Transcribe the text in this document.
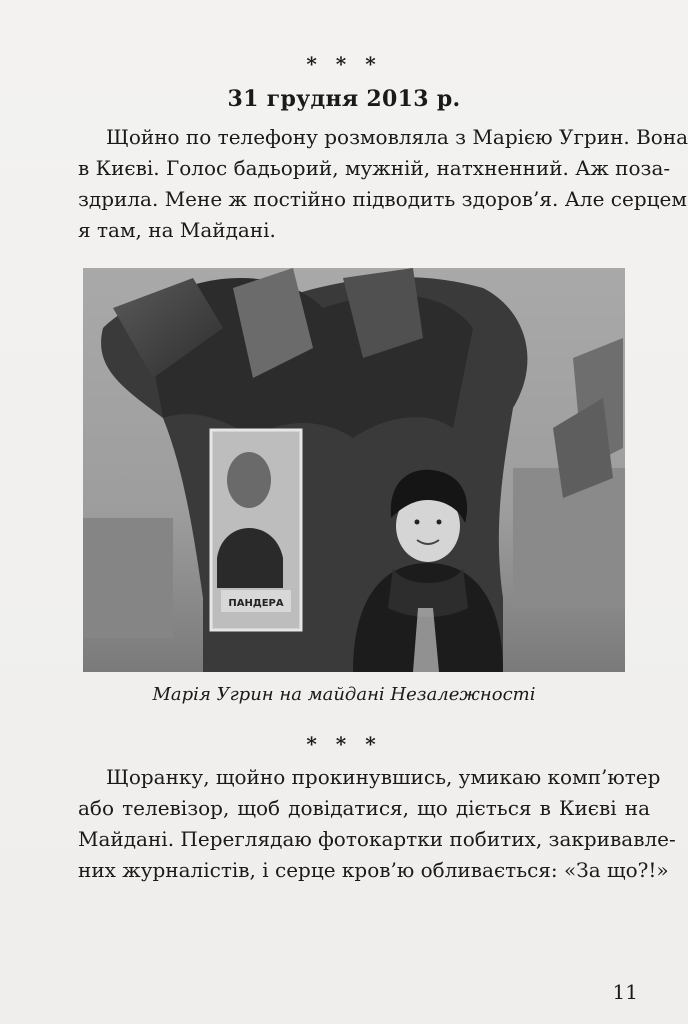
* * *
31 грудня 2013 р.
Щойно по телефону розмовляла з Марією Угрин. Вона
в Києві. Голос бадьорий, мужній, натхненний. Аж поза-
здрила. Мене ж постійно підводить здоров’я. Але серцем
я там, на Майдані.
ПАНДЕРА
Марія Угрин на майдані Незалежності
* * *
Щоранку, щойно прокинувшись, умикаю комп’ютер
або телевізор, щоб довідатися, що діється в Києві на
Майдані. Переглядаю фотокартки побитих, закривавле-
них журналістів, і серце кров’ю обливається: «За що?!»
11
